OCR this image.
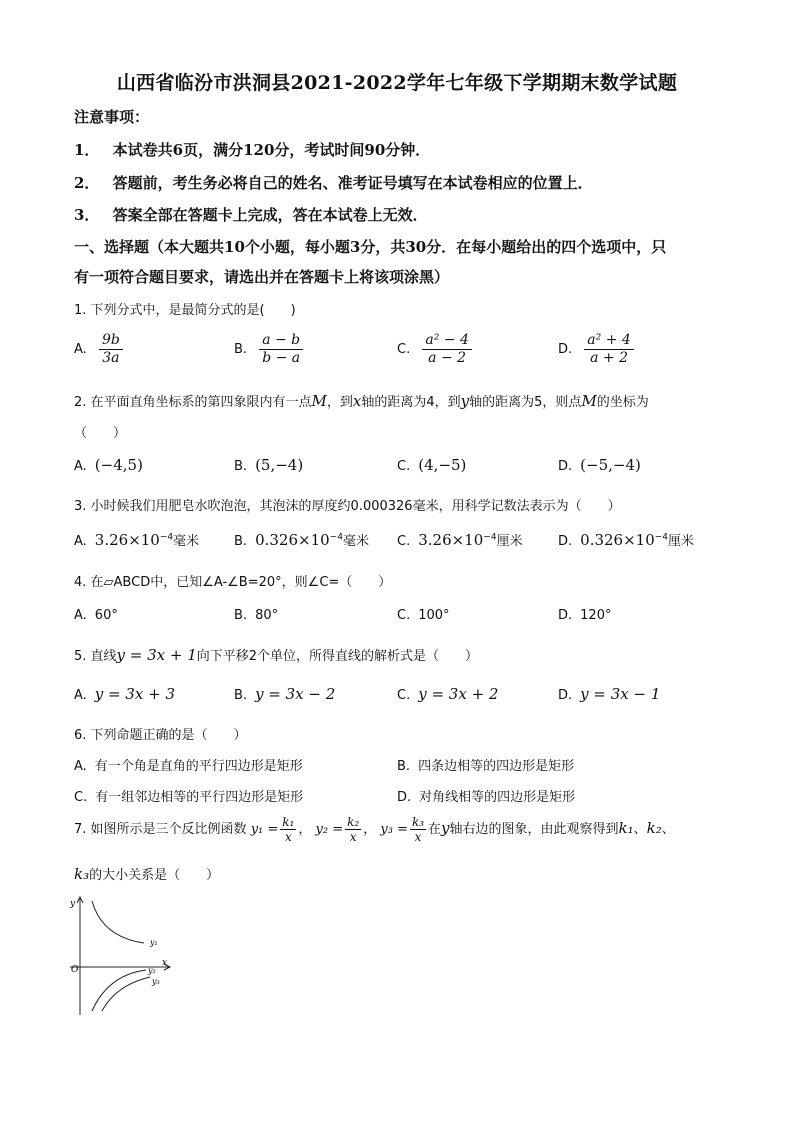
山西省临汾市洪洞县2021-2022学年七年级下学期期末数学试题
注意事项：
1． 本试卷共6页，满分120分，考试时间90分钟．
2． 答题前，考生务必将自己的姓名、准考证号填写在本试卷相应的位置上．
3． 答案全部在答题卡上完成，答在本试卷上无效．
一、选择题（本大题共10个小题，每小题3分，共30分．在每小题给出的四个选项中，只
有一项符合题目要求，请选出并在答题卡上将该项涂黑）
1. 下列分式中，是最简分式的是(　　)
A. $\frac{9b}{3a}$	B. $\frac{a - b}{b - a}$	C. $\frac{\text{a² − 4}}{a - 2}$	D. $\frac{\text{a² + 4}}{a + 2}$
2. 在平面直角坐标系的第四象限内有一点M，到x轴的距离为4，到y轴的距离为5，则点M的坐标为
（　　）
A. (−4,5)	B. (5,−4)	C. (4,−5)	D. (−5,−4)
3. 小时候我们用肥皂水吹泡泡，其泡沫的厚度约0.000326毫米，用科学记数法表示为（　　）
A. $3.26\times 10^{-4}$毫米	B. $0.326\times 10^{-4}$毫米 C. $3.26\times 10^{-4}$厘米	D. $0.326\times 10^{-4}$厘米
4. 在▱ABCD中，已知∠A-∠B=20°，则∠C=（　　）
A. 60°	B. 80°	C. 100°	D. 120°
5. 直线y = 3x + 1向下平移2个单位，所得直线的解析式是（　　）
A. y = 3x + 3	B. y = 3x − 2	C. y = 3x + 2	D. y = 3x − 1
6. 下列命题正确的是（　　）
A. 有一个角是直角的平行四边形是矩形	B. 四条边相等的四边形是矩形
C. 有一组邻边相等的平行四边形是矩形	D. 对角线相等的四边形是矩形
7. 如图所示是三个反比例函数 $y_1 = \frac{\text{k₁}}{x}$ ， $y_2 = \frac{\text{k₂}}{x}$ ， $y_3 = \frac{\text{k₃}}{x}$ 在y轴右边的图象，由此观察得到k₁、k₂、
k₃的大小关系是（　　）
y
x
O
y₁
y₂
y₃
